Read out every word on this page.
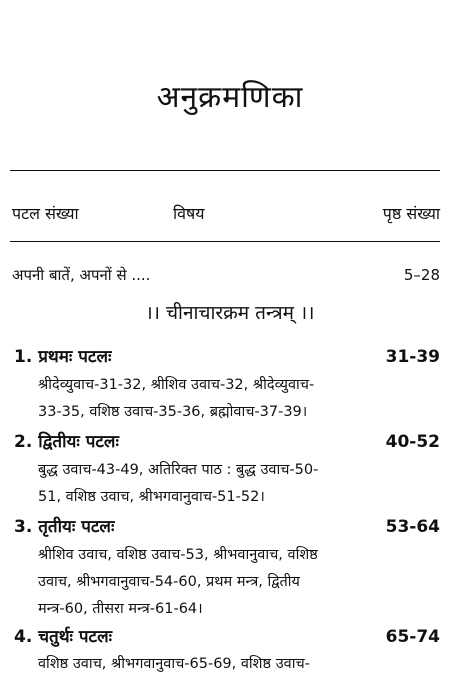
अनुक्रमणिका
पटल संख्या	विषय	पृष्ठ संख्या
अपनी बातें, अपनों से ....	5–28
।। चीनाचारक्रम तन्त्रम् ।।
1. प्रथमः पटलः	31-39
श्रीदेव्युवाच-31-32, श्रीशिव उवाच-32, श्रीदेव्युवाच-
33-35, वशिष्ठ उवाच-35-36, ब्रह्मोवाच-37-39।
2. द्वितीयः पटलः	40-52
बुद्ध उवाच-43-49, अतिरिक्त पाठ : बुद्ध उवाच-50-
51, वशिष्ठ उवाच, श्रीभगवानुवाच-51-52।
3. तृतीयः पटलः	53-64
श्रीशिव उवाच, वशिष्ठ उवाच-53, श्रीभवानुवाच, वशिष्ठ
उवाच, श्रीभगवानुवाच-54-60, प्रथम मन्त्र, द्वितीय
मन्त्र-60, तीसरा मन्त्र-61-64।
4. चतुर्थः पटलः	65-74
वशिष्ठ उवाच, श्रीभगवानुवाच-65-69, वशिष्ठ उवाच-
